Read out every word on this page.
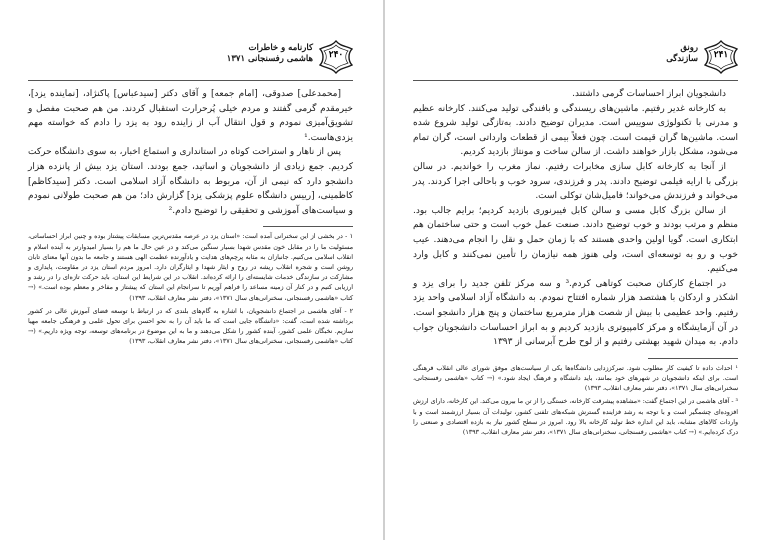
۲۴۰
کارنامه و خاطرات
هاشمی رفسنجانی ۱۳۷۱

[محمدعلی] صدوقی، [امام جمعه] و آقای دکتر [سیدعباس] پاکنژاد، [نماینده یزد]، خیرمقدم گرمی گفتند و مردم خیلی پُرحرارت استقبال کردند. من هم صحبت مفصل و تشویق‌آمیزی نمودم و قول انتقال آب از زاینده رود به یزد را دادم که خواسته مهم یزدی‌هاست.¹

پس از ناهار و استراحت کوتاه در استانداری و استماع اخبار، به سوی دانشگاه حرکت کردیم. جمع زیادی از دانشجویان و اساتید، جمع بودند. استان یزد بیش از پانزده هزار دانشجو دارد که نیمی از آن، مربوط به دانشگاه آزاد اسلامی است. دکتر [سیدکاظم] کاظمینی، [رییس دانشگاه علوم پزشکی یزد] گزارش داد؛ من هم صحبت طولانی نمودم و سیاست‌های آموزشی و تحقیقی را توضیح دادم.²

۱ - در بخشی از این سخنرانی آمده است: «استان یزد در عرصه مقدس‌ترین مسابقات پیشتاز بوده و چنین ابراز احساساتی، مسئولیت ما را در مقابل خون مقدس شهدا بسیار سنگین می‌کند و در عین حال ما هم را بسیار امیدوارتر به آینده اسلام و انقلاب اسلامی می‌کنیم. جانبازان به مثابه پرچم‌های هدایت و یادآورنده عظمت الهی هستند و جامعه ما بدون آنها معنای تابان روشن است و شجره انقلاب ریشه در روح و ایثار شهدا و ایثارگران دارد. امروز مردم استان یزد در مقاومت، پایداری و مشارکت در سازندگی خدمات شایسته‌ای را ارائه کرده‌اند. انقلاب در این شرایط این استان، باید حرکت تازه‌ای را در رشد و ارزیابی کنیم و در کنار آن زمینه مساعد را فراهم آوریم تا سرانجام این استان که پیشتاز و مفاخر و معظم بوده است.» (→ کتاب «هاشمی رفسنجانی، سخنرانی‌های سال ۱۳۷۱»، دفتر نشر معارف انقلاب، ۱۳۹۳)

۲ - آقای هاشمی در اجتماع دانشجویان، با اشاره به گام‌های بلندی که در ارتباط با توسعه فضای آموزش عالی در کشور برداشته شده است، گفت: «دانشگاه جایی است که ما باید آن را به نحو احسن برای تحول علمی و فرهنگی جامعه مهیا سازیم. نخبگان علمی کشور، آینده کشور را شکل می‌دهند و ما به این موضوع در برنامه‌های توسعه، توجه ویژه داریم.» (→ کتاب «هاشمی رفسنجانی، سخنرانی‌های سال ۱۳۷۱»، دفتر نشر معارف انقلاب، ۱۳۹۳)

۲۴۱
رونق
سازندگی

دانشجویان ابراز احساسات گرمی داشتند.

به کارخانه غدیر رفتیم. ماشین‌های ریسندگی و بافندگی تولید می‌کنند. کارخانه عظیم و مدرنی با تکنولوژی سوییس است. مدیران توضیح دادند. به‌تازگی تولید شروع شده است. ماشین‌ها گران قیمت است. چون فعلاً بیمی از قطعات وارداتی است، گران تمام می‌شود، مشکل بازار خواهند داشت. از سالن ساخت و مونتاژ بازدید کردیم.

از آنجا به کارخانه کابل سازی مخابرات رفتیم. نماز مغرب را خواندیم. در سالن بزرگی با ارایه فیلمی توضیح دادند. پدر و فرزندی، سرود خوب و باحالی اجرا کردند. پدر می‌خواند و فرزندش می‌خواند؛ فامیل‌شان توکلی است.

از سالن بزرگ کابل مسی و سالن کابل فیبرنوری بازدید کردیم؛ برایم جالب بود. منظم و مرتب بودند و خوب توضیح دادند. صنعت عمل خوب است و حتی ساختمان هم ابتکاری است. گویا اولین واحدی هستند که با زمان حمل و نقل را انجام می‌دهند. عیب خوب و رو به توسعه‌ای است، ولی هنوز همه نیازمان را تأمین نمی‌کنند و کابل وارد می‌کنیم.

در اجتماع کارکنان صحبت کوتاهی کردم.³ و سه مرکز تلفن جدید را برای یزد و اشکذر و اردکان با هشتصد هزار شماره افتتاح نمودم. به دانشگاه آزاد اسلامی واحد یزد رفتیم. واحد عظیمی با بیش از شصت هزار مترمربع ساختمان و پنج هزار دانشجو است. در آن آزمایشگاه و مرکز کامپیوتری بازدید کردیم و به ابراز احساسات دانشجویان جواب دادم. به میدان شهید بهشتی رفتیم و از لوح طرح آبرسانی از ۱۳۹۳

¹ احداث داده تا کیفیت کار مطلوب شود. تمرکززدایی دانشگاه‌ها یکی از سیاست‌های موفق شورای عالی انقلاب فرهنگی است. برای اینکه دانشجویان در شهرهای خود بمانند، باید دانشگاه و فرهنگ ایجاد شود.» (→ کتاب «هاشمی رفسنجانی، سخنرانی‌های سال ۱۳۷۱»، دفتر نشر معارف انقلاب، ۱۳۹۳)

³ - آقای هاشمی در این اجتماع گفت: «مشاهده پیشرفت کارخانه، خستگی را از تن ما بیرون می‌کند. این کارخانه، دارای ارزش افزوده‌ای چشمگیر است و با توجه به رشد فزاینده گسترش شبکه‌های تلفنی کشور، تولیدات آن بسیار ارزشمند است و با واردات کالاهای مشابه، باید این اندازه خط تولید کارخانه بالا رود. امروز در سطح کشور نیاز به بازده اقتصادی و صنعتی را درک کرده‌ایم.» (→ کتاب «هاشمی رفسنجانی، سخنرانی‌های سال ۱۳۷۱»، دفتر نشر معارف انقلاب، ۱۳۹۳)
